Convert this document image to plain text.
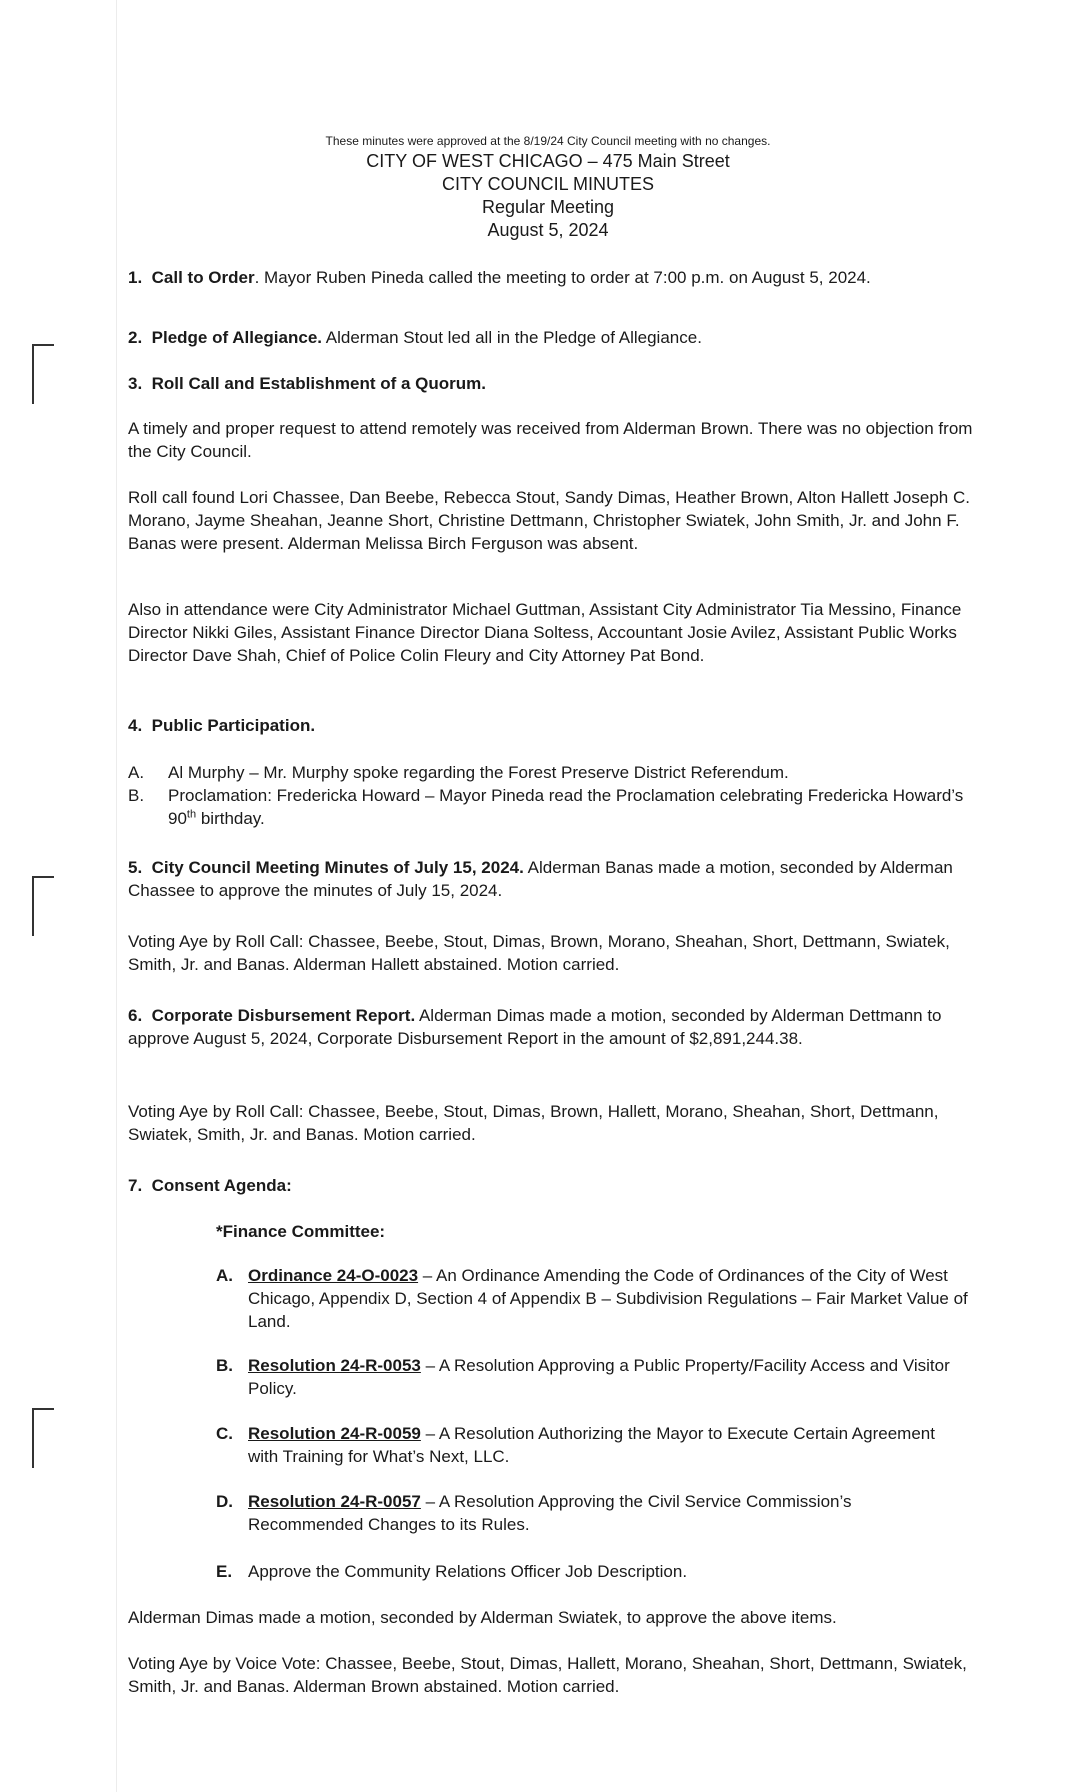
These minutes were approved at the 8/19/24 City Council meeting with no changes.
CITY OF WEST CHICAGO – 475 Main Street
CITY COUNCIL MINUTES
Regular Meeting
August 5, 2024
1. Call to Order. Mayor Ruben Pineda called the meeting to order at 7:00 p.m. on August 5, 2024.
2. Pledge of Allegiance. Alderman Stout led all in the Pledge of Allegiance.
3. Roll Call and Establishment of a Quorum.
A timely and proper request to attend remotely was received from Alderman Brown. There was no objection from the City Council.
Roll call found Lori Chassee, Dan Beebe, Rebecca Stout, Sandy Dimas, Heather Brown, Alton Hallett Joseph C. Morano, Jayme Sheahan, Jeanne Short, Christine Dettmann, Christopher Swiatek, John Smith, Jr. and John F. Banas were present. Alderman Melissa Birch Ferguson was absent.
Also in attendance were City Administrator Michael Guttman, Assistant City Administrator Tia Messino, Finance Director Nikki Giles, Assistant Finance Director Diana Soltess, Accountant Josie Avilez, Assistant Public Works Director Dave Shah, Chief of Police Colin Fleury and City Attorney Pat Bond.
4. Public Participation.
A. Al Murphy – Mr. Murphy spoke regarding the Forest Preserve District Referendum.
B. Proclamation: Fredericka Howard – Mayor Pineda read the Proclamation celebrating Fredericka Howard’s 90th birthday.
5. City Council Meeting Minutes of July 15, 2024. Alderman Banas made a motion, seconded by Alderman Chassee to approve the minutes of July 15, 2024.
Voting Aye by Roll Call: Chassee, Beebe, Stout, Dimas, Brown, Morano, Sheahan, Short, Dettmann, Swiatek, Smith, Jr. and Banas. Alderman Hallett abstained. Motion carried.
6. Corporate Disbursement Report. Alderman Dimas made a motion, seconded by Alderman Dettmann to approve August 5, 2024, Corporate Disbursement Report in the amount of $2,891,244.38.
Voting Aye by Roll Call: Chassee, Beebe, Stout, Dimas, Brown, Hallett, Morano, Sheahan, Short, Dettmann, Swiatek, Smith, Jr. and Banas. Motion carried.
7. Consent Agenda:
*Finance Committee:
A. Ordinance 24-O-0023 – An Ordinance Amending the Code of Ordinances of the City of West Chicago, Appendix D, Section 4 of Appendix B – Subdivision Regulations – Fair Market Value of Land.
B. Resolution 24-R-0053 – A Resolution Approving a Public Property/Facility Access and Visitor Policy.
C. Resolution 24-R-0059 – A Resolution Authorizing the Mayor to Execute Certain Agreement with Training for What’s Next, LLC.
D. Resolution 24-R-0057 – A Resolution Approving the Civil Service Commission’s Recommended Changes to its Rules.
E. Approve the Community Relations Officer Job Description.
Alderman Dimas made a motion, seconded by Alderman Swiatek, to approve the above items.
Voting Aye by Voice Vote: Chassee, Beebe, Stout, Dimas, Hallett, Morano, Sheahan, Short, Dettmann, Swiatek, Smith, Jr. and Banas. Alderman Brown abstained. Motion carried.
